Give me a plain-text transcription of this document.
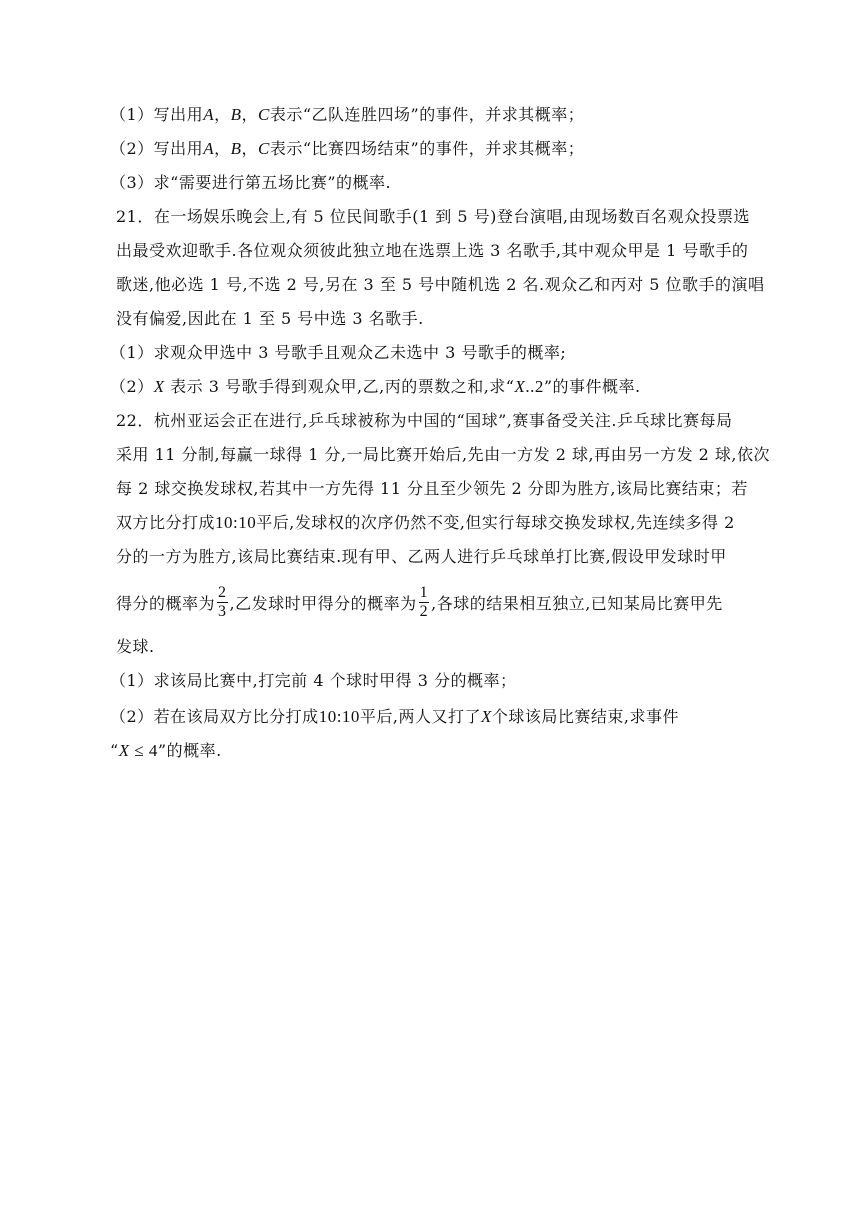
（1）写出用A，B，C表示“乙队连胜四场”的事件，并求其概率；
（2）写出用A，B，C表示“比赛四场结束”的事件，并求其概率；
（3）求“需要进行第五场比赛”的概率.
21．在一场娱乐晚会上,有 5 位民间歌手(1 到 5 号)登台演唱,由现场数百名观众投票选
出最受欢迎歌手.各位观众须彼此独立地在选票上选 3 名歌手,其中观众甲是 1 号歌手的
歌迷,他必选 1 号,不选 2 号,另在 3 至 5 号中随机选 2 名.观众乙和丙对 5 位歌手的演唱
没有偏爱,因此在 1 至 5 号中选 3 名歌手.
（1）求观众甲选中 3 号歌手且观众乙未选中 3 号歌手的概率;
（2）X 表示 3 号歌手得到观众甲,乙,丙的票数之和,求“X..2”的事件概率.
22．杭州亚运会正在进行,乒乓球被称为中国的“国球”,赛事备受关注.乒乓球比赛每局
采用 11 分制,每赢一球得 1 分,一局比赛开始后,先由一方发 2 球,再由另一方发 2 球,依次
每 2 球交换发球权,若其中一方先得 11 分且至少领先 2 分即为胜方,该局比赛结束；若
双方比分打成10:10平后,发球权的次序仍然不变,但实行每球交换发球权,先连续多得 2
分的一方为胜方,该局比赛结束.现有甲、乙两人进行乒乓球单打比赛,假设甲发球时甲
得分的概率为 $\frac{2}{3}$ ,乙发球时甲得分的概率为 $\frac{1}{2}$ ,各球的结果相互独立,已知某局比赛甲先
发球.
（1）求该局比赛中,打完前 4 个球时甲得 3 分的概率；
（2）若在该局双方比分打成10:10平后,两人又打了X个球该局比赛结束,求事件
“X ≤ 4”的概率.
